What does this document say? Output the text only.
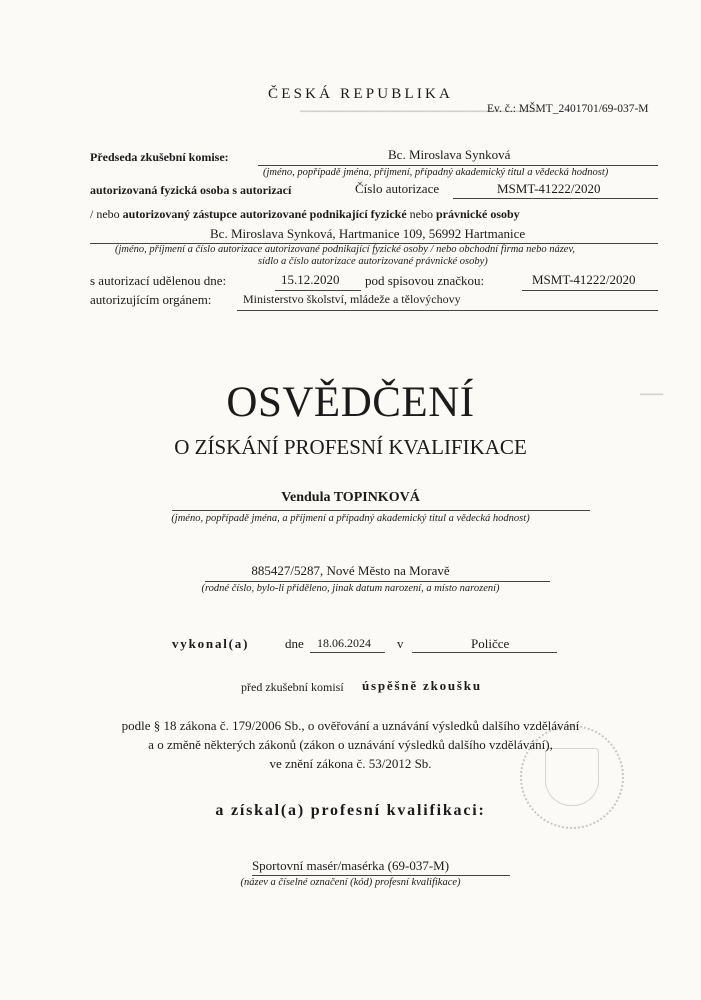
▔▔▔▔▔▔▔▔▔▔▔▔▔▔▔▔▔▔▔▔▔▔▔▔▔▔▔▔▔▔▔
▔▔▔
ČESKÁ REPUBLIKA
Ev. č.: MŠMT_2401701/69-037-M
Předseda zkušební komise:	Bc. Miroslava Synková
(jméno, popřípadě jména, příjmení, případný akademický titul a vědecká hodnost)
autorizovaná fyzická osoba s autorizací	Číslo autorizace	MSMT-41222/2020
/ nebo autorizovaný zástupce autorizované podnikající fyzické nebo právnické osoby
Bc. Miroslava Synková, Hartmanice 109, 56992 Hartmanice
(jméno, příjmení a číslo autorizace autorizované podnikající fyzické osoby / nebo obchodní firma nebo název,
sídlo a číslo autorizace autorizované právnické osoby)
s autorizací udělenou dne:	15.12.2020 pod spisovou značkou:	MSMT-41222/2020
autorizujícím orgánem:	Ministerstvo školství, mládeže a tělovýchovy
OSVĚDČENÍ
O ZÍSKÁNÍ PROFESNÍ KVALIFIKACE
Vendula TOPINKOVÁ
(jméno, popřípadě jména, a příjmení a případný akademický titul a vědecká hodnost)
885427/5287, Nové Město na Moravě
(rodné číslo, bylo-li přiděleno, jinak datum narození, a místo narození)
vykonal(a)	dne 18.06.2024 v	Poličce
před zkušební komisí úspěšně zkoušku
podle § 18 zákona č. 179/2006 Sb., o ověřování a uznávání výsledků dalšího vzdělávání
a o změně některých zákonů (zákon o uznávání výsledků dalšího vzdělávání),
ve znění zákona č. 53/2012 Sb.
a získal(a) profesní kvalifikaci:
Sportovní masér/masérka (69-037-M)
(název a číselné označení (kód) profesní kvalifikace)
